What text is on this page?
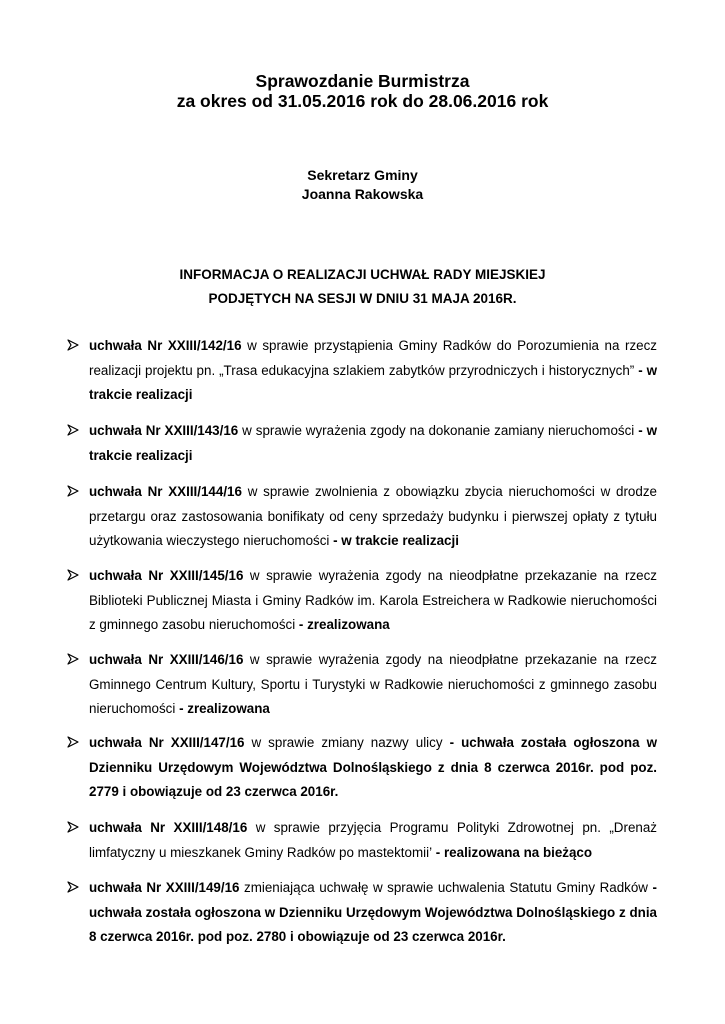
Sprawozdanie Burmistrza
za okres od 31.05.2016 rok do 28.06.2016 rok
Sekretarz Gminy
Joanna Rakowska
INFORMACJA O REALIZACJI UCHWAŁ RADY MIEJSKIEJ
PODJĘTYCH NA SESJI W DNIU 31 MAJA 2016R.
uchwała Nr XXIII/142/16 w sprawie przystąpienia Gminy Radków do Porozumienia na rzecz realizacji projektu pn. „Trasa edukacyjna szlakiem zabytków przyrodniczych i historycznych” - w trakcie realizacji
uchwała Nr XXIII/143/16 w sprawie wyrażenia zgody na dokonanie zamiany nieruchomości - w trakcie realizacji
uchwała Nr XXIII/144/16 w sprawie zwolnienia z obowiązku zbycia nieruchomości w drodze przetargu oraz zastosowania bonifikaty od ceny sprzedaży budynku i pierwszej opłaty z tytułu użytkowania wieczystego nieruchomości - w trakcie realizacji
uchwała Nr XXIII/145/16 w sprawie wyrażenia zgody na nieodpłatne przekazanie na rzecz Biblioteki Publicznej Miasta i Gminy Radków im. Karola Estreichera w Radkowie nieruchomości z gminnego zasobu nieruchomości - zrealizowana
uchwała Nr XXIII/146/16 w sprawie wyrażenia zgody na nieodpłatne przekazanie na rzecz Gminnego Centrum Kultury, Sportu i Turystyki w Radkowie nieruchomości z gminnego zasobu nieruchomości - zrealizowana
uchwała Nr XXIII/147/16 w sprawie zmiany nazwy ulicy - uchwała została ogłoszona w Dzienniku Urzędowym Województwa Dolnośląskiego z dnia 8 czerwca 2016r. pod poz. 2779 i obowiązuje od 23 czerwca 2016r.
uchwała Nr XXIII/148/16 w sprawie przyjęcia Programu Polityki Zdrowotnej pn. „Drenaż limfatyczny u mieszkanek Gminy Radków po mastektomii’ - realizowana na bieżąco
uchwała Nr XXIII/149/16 zmieniająca uchwałę w sprawie uchwalenia Statutu Gminy Radków - uchwała została ogłoszona w Dzienniku Urzędowym Województwa Dolnośląskiego z dnia 8 czerwca 2016r. pod poz. 2780 i obowiązuje od 23 czerwca 2016r.
